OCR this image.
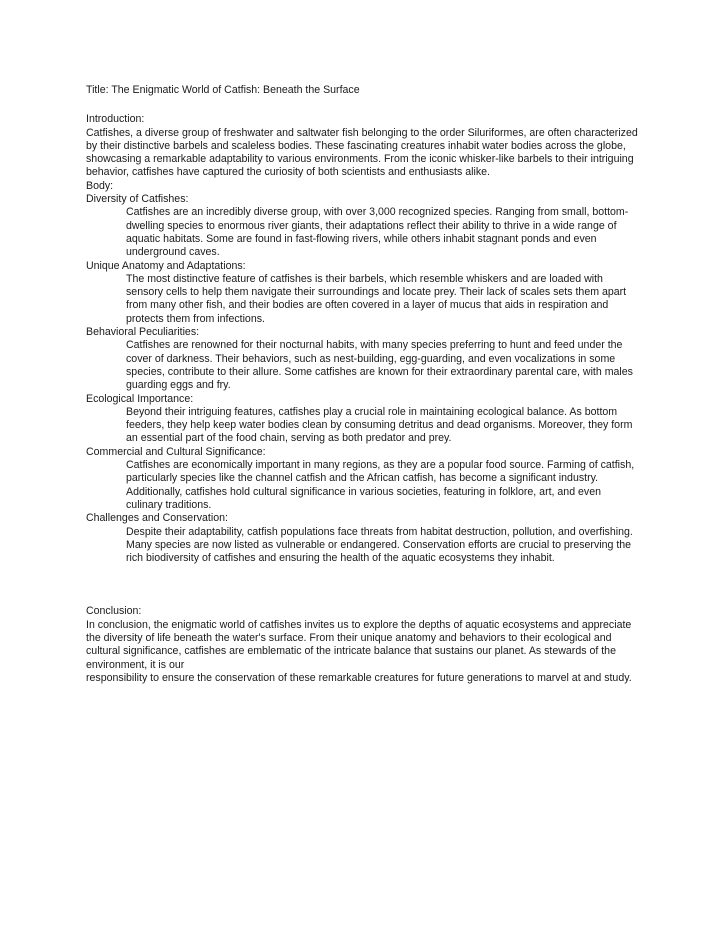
Title: The Enigmatic World of Catfish: Beneath the Surface

Introduction:

Catfishes, a diverse group of freshwater and saltwater fish belonging to the order Siluriformes, are often characterized by their distinctive barbels and scaleless bodies. These fascinating creatures inhabit water bodies across the globe, showcasing a remarkable adaptability to various environments. From the iconic whisker-like barbels to their intriguing behavior, catfishes have captured the curiosity of both scientists and enthusiasts alike.

Body:

Diversity of Catfishes:

Catfishes are an incredibly diverse group, with over 3,000 recognized species. Ranging from small, bottom-dwelling species to enormous river giants, their adaptations reflect their ability to thrive in a wide range of aquatic habitats. Some are found in fast-flowing rivers, while others inhabit stagnant ponds and even underground caves.

Unique Anatomy and Adaptations:

The most distinctive feature of catfishes is their barbels, which resemble whiskers and are loaded with sensory cells to help them navigate their surroundings and locate prey. Their lack of scales sets them apart from many other fish, and their bodies are often covered in a layer of mucus that aids in respiration and protects them from infections.

Behavioral Peculiarities:

Catfishes are renowned for their nocturnal habits, with many species preferring to hunt and feed under the cover of darkness. Their behaviors, such as nest-building, egg-guarding, and even vocalizations in some species, contribute to their allure. Some catfishes are known for their extraordinary parental care, with males guarding eggs and fry.

Ecological Importance:

Beyond their intriguing features, catfishes play a crucial role in maintaining ecological balance. As bottom feeders, they help keep water bodies clean by consuming detritus and dead organisms. Moreover, they form an essential part of the food chain, serving as both predator and prey.

Commercial and Cultural Significance:

Catfishes are economically important in many regions, as they are a popular food source. Farming of catfish, particularly species like the channel catfish and the African catfish, has become a significant industry. Additionally, catfishes hold cultural significance in various societies, featuring in folklore, art, and even culinary traditions.

Challenges and Conservation:

Despite their adaptability, catfish populations face threats from habitat destruction, pollution, and overfishing. Many species are now listed as vulnerable or endangered. Conservation efforts are crucial to preserving the rich biodiversity of catfishes and ensuring the health of the aquatic ecosystems they inhabit.

Conclusion:

In conclusion, the enigmatic world of catfishes invites us to explore the depths of aquatic ecosystems and appreciate the diversity of life beneath the water's surface. From their unique anatomy and behaviors to their ecological and cultural significance, catfishes are emblematic of the intricate balance that sustains our planet. As stewards of the environment, it is our

responsibility to ensure the conservation of these remarkable creatures for future generations to marvel at and study.
